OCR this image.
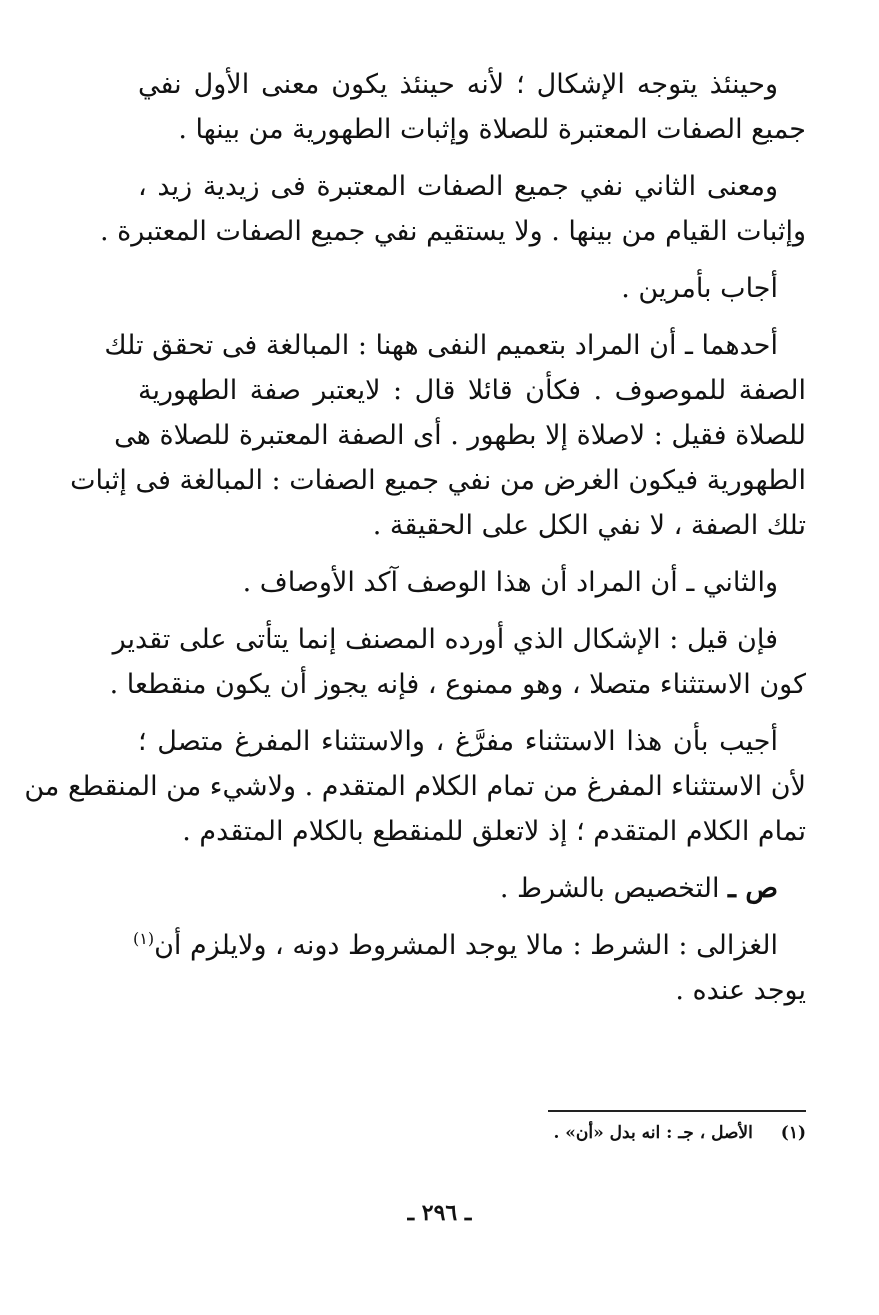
وحينئذ يتوجه الإشكال ؛ لأنه حينئذ يكون معنى الأول نفي
جميع الصفات المعتبرة للصلاة وإثبات الطهورية من بينها .
ومعنى الثاني نفي جميع الصفات المعتبرة فى زيدية زيد ،
وإثبات القيام من بينها . ولا يستقيم نفي جميع الصفات المعتبرة .
أجاب بأمرين .
أحدهما ـ أن المراد بتعميم النفى ههنا : المبالغة فى تحقق تلك
الصفة للموصوف . فكأن قائلا قال : لايعتبر صفة الطهورية
للصلاة فقيل : لاصلاة إلا بطهور . أى الصفة المعتبرة للصلاة هى
الطهورية فيكون الغرض من نفي جميع الصفات : المبالغة فى إثبات
تلك الصفة ، لا نفي الكل على الحقيقة .
والثاني ـ أن المراد أن هذا الوصف آكد الأوصاف .
فإن قيل : الإشكال الذي أورده المصنف إنما يتأتى على تقدير
كون الاستثناء متصلا ، وهو ممنوع ، فإنه يجوز أن يكون منقطعا .
أجيب بأن هذا الاستثناء مفرَّغ ، والاستثناء المفرغ متصل ؛
لأن الاستثناء المفرغ من تمام الكلام المتقدم . ولاشيء من المنقطع من
تمام الكلام المتقدم ؛ إذ لاتعلق للمنقطع بالكلام المتقدم .
ص ـ التخصيص بالشرط .
الغزالى : الشرط : مالا يوجد المشروط دونه ، ولايلزم أن$^{(١)}$
يوجد عنده .
(١) الأصل ، جـ : انه بدل «أن» .
ـ ٢٩٦ ـ
